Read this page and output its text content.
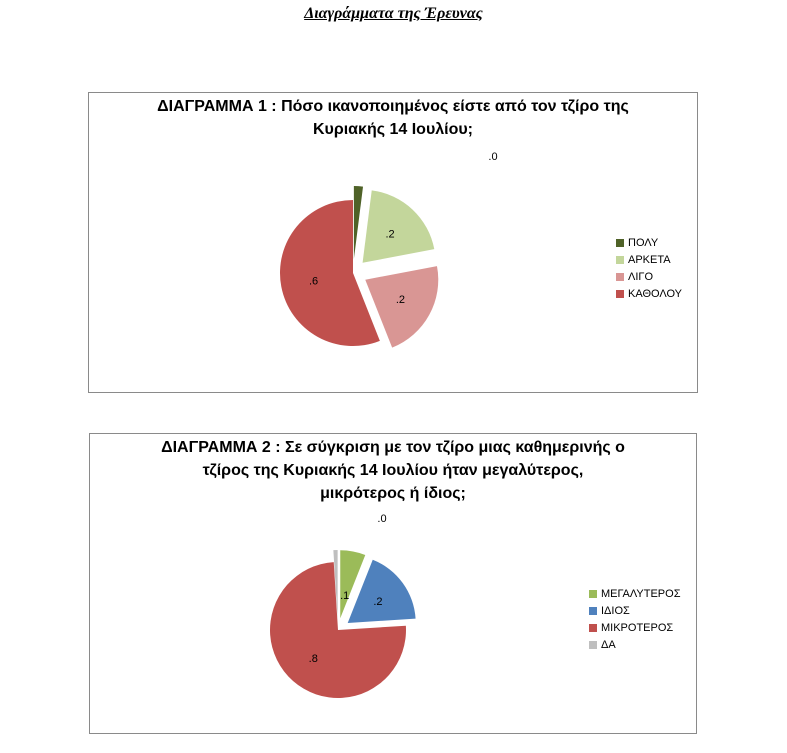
Διαγράμματα της Έρευνας
ΔΙΑΓΡΑΜΜΑ 1 : Πόσο ικανοποιημένος είστε από τον τζίρο της
Κυριακής 14 Ιουλίου;
.0
.2
.2
.6
ΠΟΛΥ
ΑΡΚΕΤΑ
ΛΙΓΟ
ΚΑΘΟΛΟΥ
ΔΙΑΓΡΑΜΜΑ 2 : Σε σύγκριση με τον τζίρο μιας καθημερινής ο
τζίρος της Κυριακής 14 Ιουλίου ήταν μεγαλύτερος,
μικρότερος ή ίδιος;
.1
.2
.8
.0
ΜΕΓΑΛΥΤΕΡΟΣ
ΙΔΙΟΣ
ΜΙΚΡΟΤΕΡΟΣ
ΔΑ
